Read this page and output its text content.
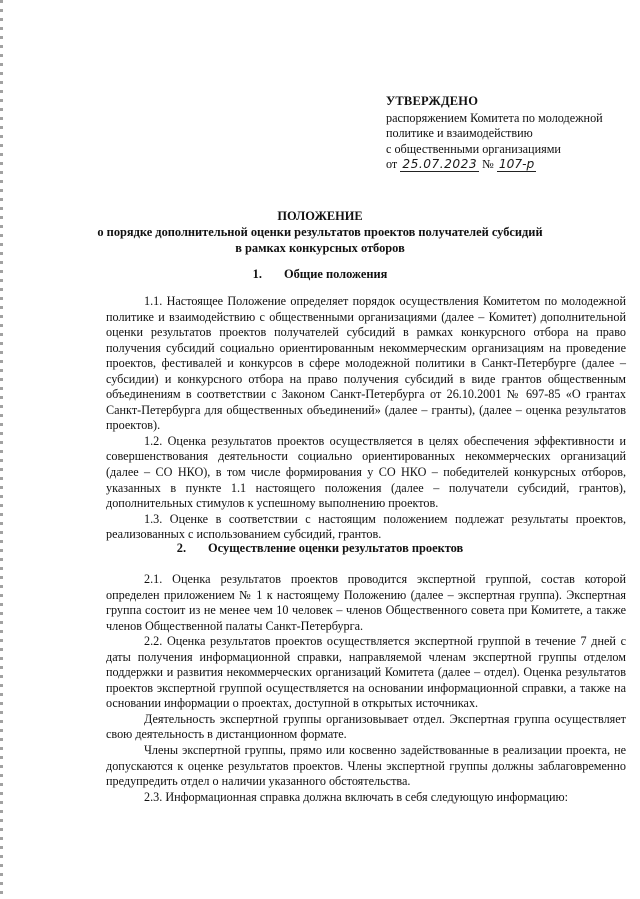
УТВЕРЖДЕНО
распоряжением Комитета по молодежной
политике и взаимодействию
с общественными организациями
от 25.07.2023 № 107-р
ПОЛОЖЕНИЕ
о порядке дополнительной оценки результатов проектов получателей субсидий
в рамках конкурсных отборов
1. Общие положения

1.1. Настоящее Положение определяет порядок осуществления Комитетом по молодежной политике и взаимодействию с общественными организациями (далее – Комитет) дополнительной оценки результатов проектов получателей субсидий в рамках конкурсного отбора на право получения субсидий социально ориентированным некоммерческим организациям на проведение проектов, фестивалей и конкурсов в сфере молодежной политики в Санкт-Петербурге (далее – субсидии) и конкурсного отбора на право получения субсидий в виде грантов общественным объединениям в соответствии с Законом Санкт-Петербурга от 26.10.2001 № 697-85 «О грантах Санкт-Петербурга для общественных объединений» (далее – гранты), (далее – оценка результатов проектов).

1.2. Оценка результатов проектов осуществляется в целях обеспечения эффективности и совершенствования деятельности социально ориентированных некоммерческих организаций (далее – СО НКО), в том числе формирования у СО НКО – победителей конкурсных отборов, указанных в пункте 1.1 настоящего положения (далее – получатели субсидий, грантов), дополнительных стимулов к успешному выполнению проектов.

1.3. Оценке в соответствии с настоящим положением подлежат результаты проектов, реализованных с использованием субсидий, грантов.

2. Осуществление оценки результатов проектов

2.1. Оценка результатов проектов проводится экспертной группой, состав которой определен приложением № 1 к настоящему Положению (далее – экспертная группа). Экспертная группа состоит из не менее чем 10 человек – членов Общественного совета при Комитете, а также членов Общественной палаты Санкт-Петербурга.

2.2. Оценка результатов проектов осуществляется экспертной группой в течение 7 дней с даты получения информационной справки, направляемой членам экспертной группы отделом поддержки и развития некоммерческих организаций Комитета (далее – отдел). Оценка результатов проектов экспертной группой осуществляется на основании информационной справки, а также на основании информации о проектах, доступной в открытых источниках.

Деятельность экспертной группы организовывает отдел. Экспертная группа осуществляет свою деятельность в дистанционном формате.

Члены экспертной группы, прямо или косвенно задействованные в реализации проекта, не допускаются к оценке результатов проектов. Члены экспертной группы должны заблаговременно предупредить отдел о наличии указанного обстоятельства.

2.3. Информационная справка должна включать в себя следующую информацию:
